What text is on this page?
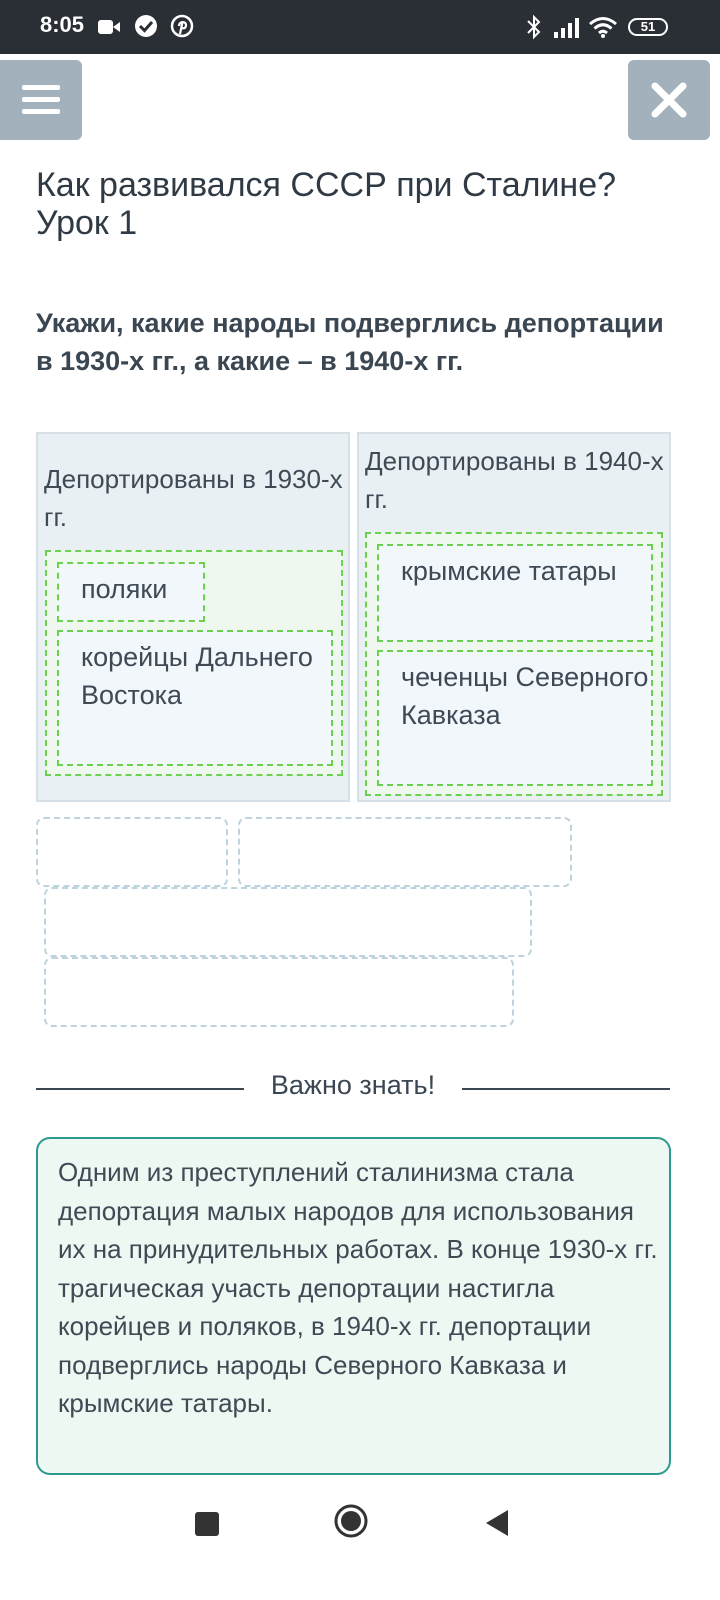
8:05	51
Как развивался СССР при Сталине?
Урок 1
Укажи, какие народы подверглись депортации в 1930-х гг., а какие – в 1940-х гг.
Депортированы в 1930-х гг.
поляки
корейцы Дальнего Востока
Депортированы в 1940-х гг.
крымские татары
чеченцы Северного Кавказа
Важно знать!
Одним из преступлений сталинизма стала депортация малых народов для использования их на принудительных работах. В конце 1930-х гг. трагическая участь депортации настигла корейцев и поляков, в 1940-х гг. депортации подверглись народы Северного Кавказа и крымские татары.
